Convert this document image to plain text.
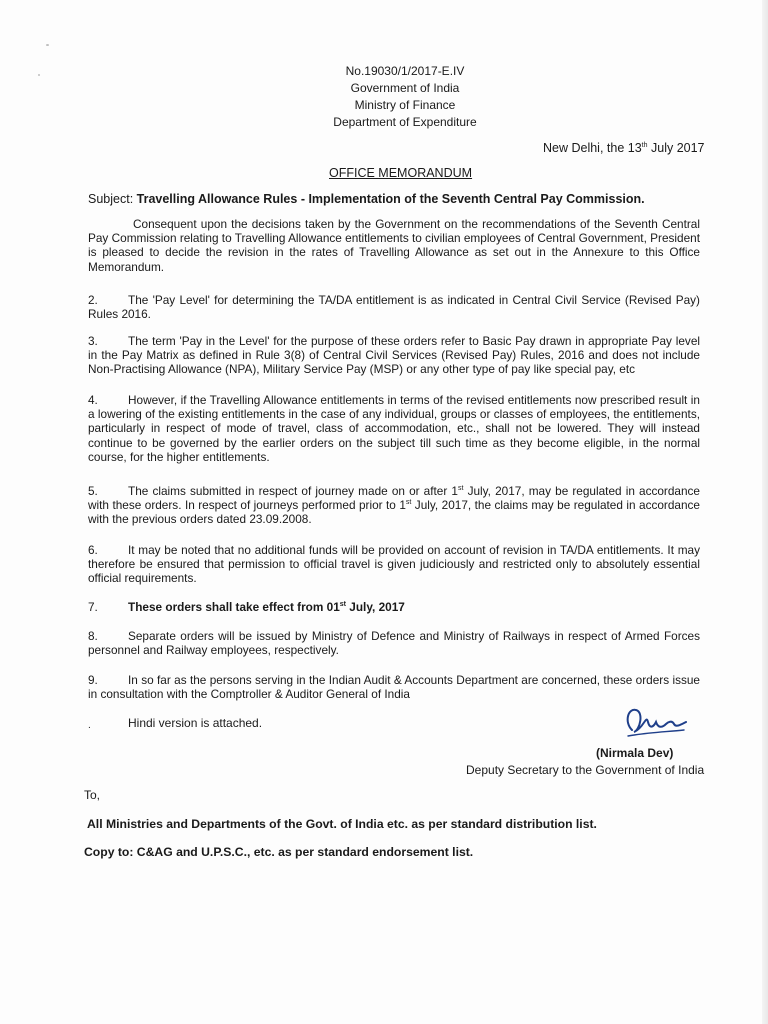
No.19030/1/2017-E.IV
Government of India
Ministry of Finance
Department of Expenditure
New Delhi, the 13th July 2017
OFFICE MEMORANDUM
Subject: Travelling Allowance Rules - Implementation of the Seventh Central Pay Commission.
Consequent upon the decisions taken by the Government on the recommendations of the Seventh Central Pay Commission relating to Travelling Allowance entitlements to civilian employees of Central Government, President is pleased to decide the revision in the rates of Travelling Allowance as set out in the Annexure to this Office Memorandum.
2.	The 'Pay Level' for determining the TA/DA entitlement is as indicated in Central Civil Service (Revised Pay) Rules 2016.
3.	The term 'Pay in the Level' for the purpose of these orders refer to Basic Pay drawn in appropriate Pay level in the Pay Matrix as defined in Rule 3(8) of Central Civil Services (Revised Pay) Rules, 2016 and does not include Non-Practising Allowance (NPA), Military Service Pay (MSP) or any other type of pay like special pay, etc
4.	However, if the Travelling Allowance entitlements in terms of the revised entitlements now prescribed result in a lowering of the existing entitlements in the case of any individual, groups or classes of employees, the entitlements, particularly in respect of mode of travel, class of accommodation, etc., shall not be lowered. They will instead continue to be governed by the earlier orders on the subject till such time as they become eligible, in the normal course, for the higher entitlements.
5.	The claims submitted in respect of journey made on or after 1st July, 2017, may be regulated in accordance with these orders. In respect of journeys performed prior to 1st July, 2017, the claims may be regulated in accordance with the previous orders dated 23.09.2008.
6.	It may be noted that no additional funds will be provided on account of revision in TA/DA entitlements. It may therefore be ensured that permission to official travel is given judiciously and restricted only to absolutely essential official requirements.
7.	These orders shall take effect from 01st July, 2017
8.	Separate orders will be issued by Ministry of Defence and Ministry of Railways in respect of Armed Forces personnel and Railway employees, respectively.
9.	In so far as the persons serving in the Indian Audit & Accounts Department are concerned, these orders issue in consultation with the Comptroller & Auditor General of India
.	Hindi version is attached.
(Nirmala Dev)
Deputy Secretary to the Government of India
To,
All Ministries and Departments of the Govt. of India etc. as per standard distribution list.
Copy to: C&AG and U.P.S.C., etc. as per standard endorsement list.
